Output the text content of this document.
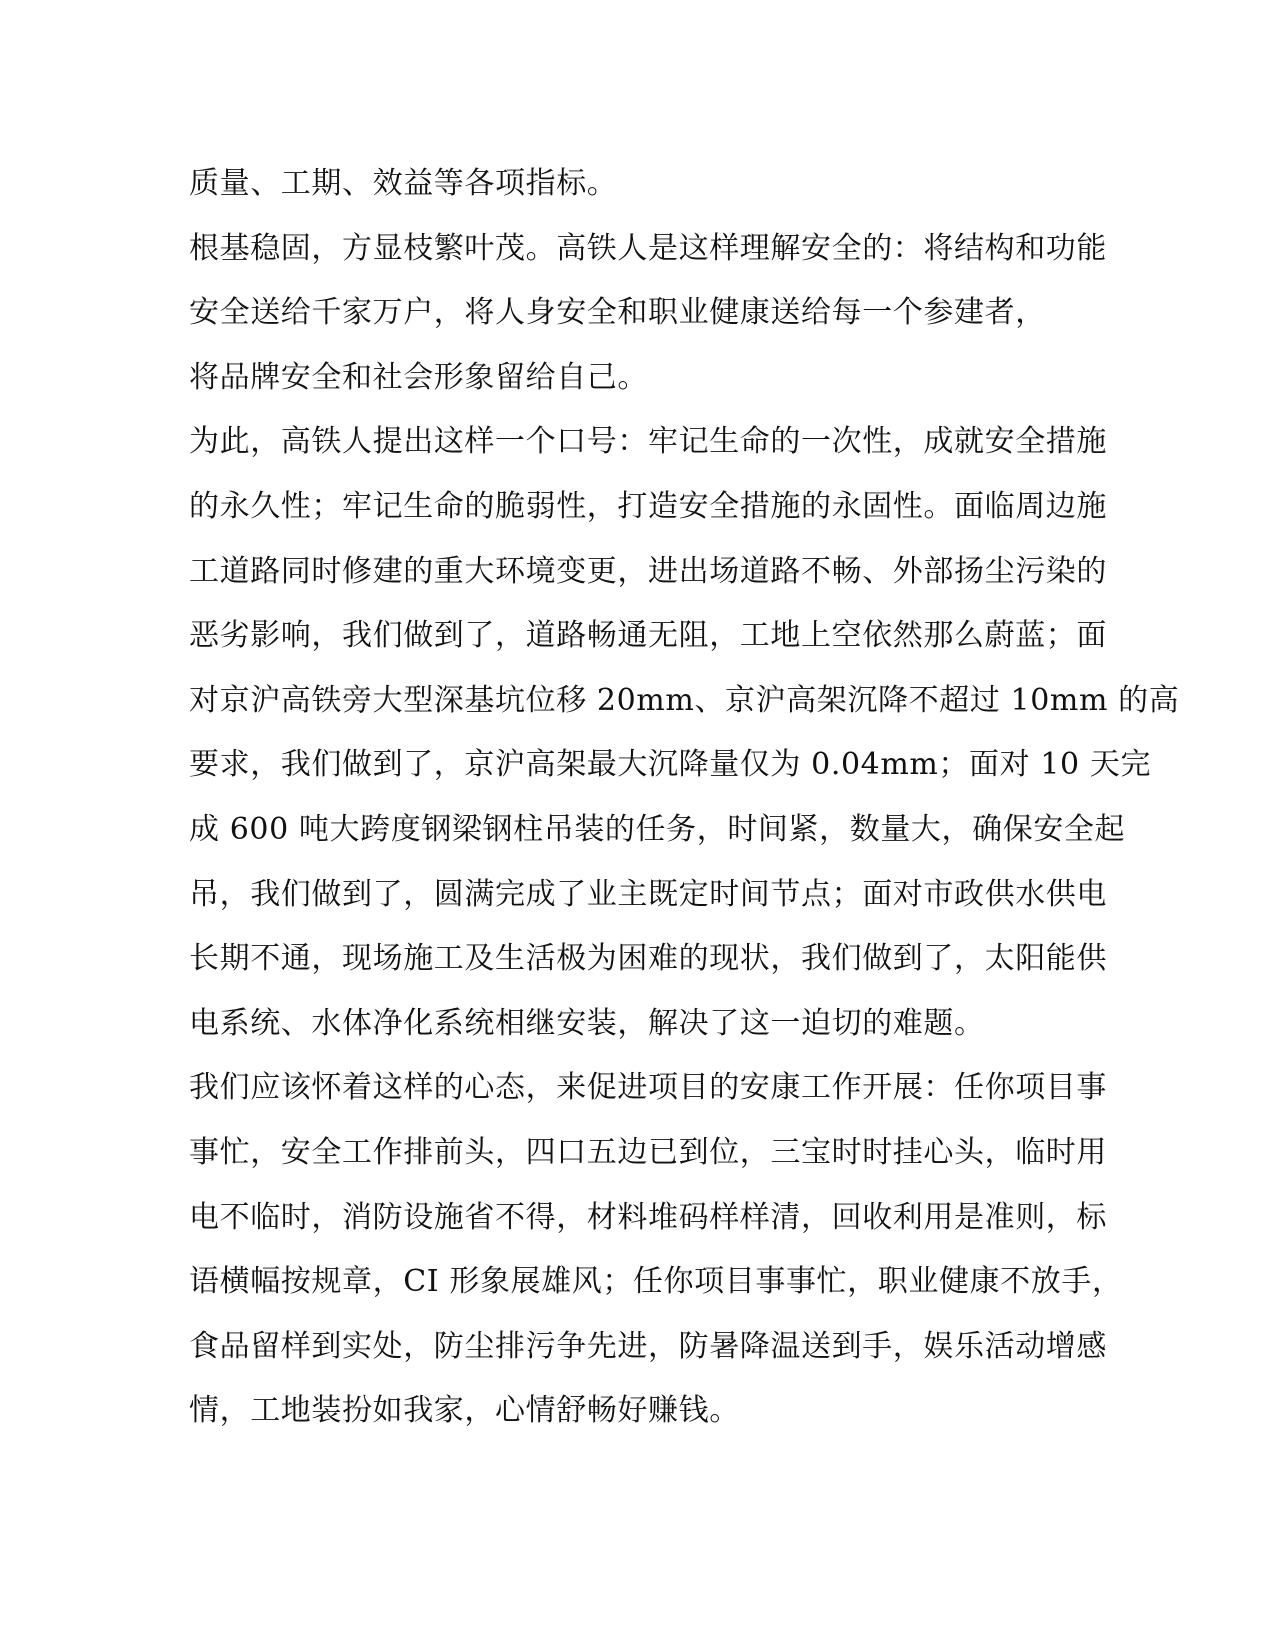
质量、工期、效益等各项指标。
根基稳固，方显枝繁叶茂。高铁人是这样理解安全的：将结构和功能
安全送给千家万户，将人身安全和职业健康送给每一个参建者，
将品牌安全和社会形象留给自己。
为此，高铁人提出这样一个口号：牢记生命的一次性，成就安全措施
的永久性；牢记生命的脆弱性，打造安全措施的永固性。面临周边施
工道路同时修建的重大环境变更，进出场道路不畅、外部扬尘污染的
恶劣影响，我们做到了，道路畅通无阻，工地上空依然那么蔚蓝；面
对京沪高铁旁大型深基坑位移 20mm、京沪高架沉降不超过 10mm 的高
要求，我们做到了，京沪高架最大沉降量仅为 0.04mm；面对 10 天完
成 600 吨大跨度钢梁钢柱吊装的任务，时间紧，数量大，确保安全起
吊，我们做到了，圆满完成了业主既定时间节点；面对市政供水供电
长期不通，现场施工及生活极为困难的现状，我们做到了，太阳能供
电系统、水体净化系统相继安装，解决了这一迫切的难题。
我们应该怀着这样的心态，来促进项目的安康工作开展：任你项目事
事忙，安全工作排前头，四口五边已到位，三宝时时挂心头，临时用
电不临时，消防设施省不得，材料堆码样样清，回收利用是准则，标
语横幅按规章，CI 形象展雄风；任你项目事事忙，职业健康不放手，
食品留样到实处，防尘排污争先进，防暑降温送到手，娱乐活动增感
情，工地装扮如我家，心情舒畅好赚钱。
